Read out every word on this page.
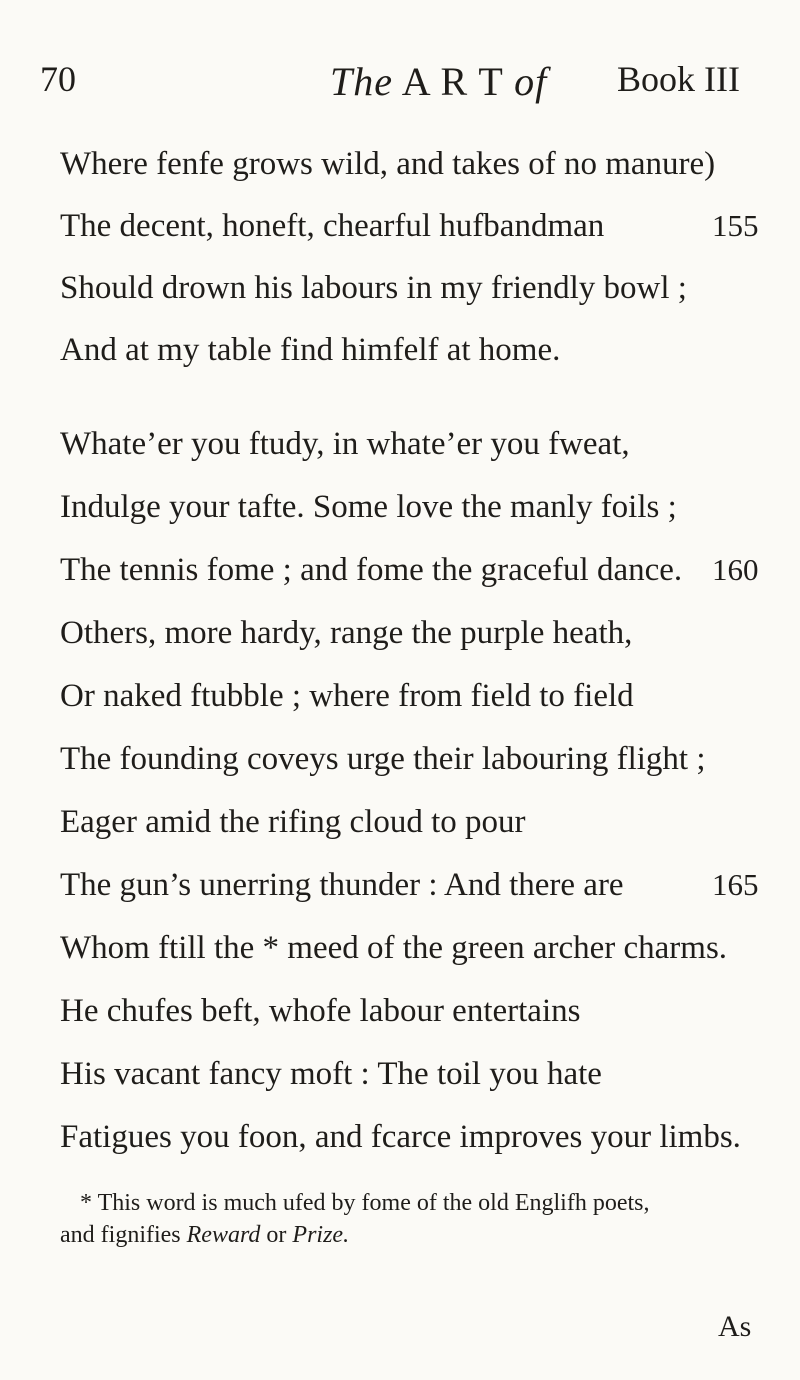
70	The A R T of Book III
Where fenfe grows wild, and takes of no manure)
The decent, honeft, chearful hufbandman	155
Should drown his labours in my friendly bowl ;
And at my table find himfelf at home.
Whate’er you ftudy, in whate’er you fweat,
Indulge your tafte. Some love the manly foils ;
The tennis fome ; and fome the graceful dance. 160
Others, more hardy, range the purple heath,
Or naked ftubble ; where from field to field
The founding coveys urge their labouring flight ;
Eager amid the rifing cloud to pour
The gun’s unerring thunder : And there are	165
Whom ftill the * meed of the green archer charms.
He chufes beft, whofe labour entertains
His vacant fancy moft : The toil you hate
Fatigues you foon, and fcarce improves your limbs.
* This word is much ufed by fome of the old Englifh poets,
and fignifies Reward or Prize.
As
